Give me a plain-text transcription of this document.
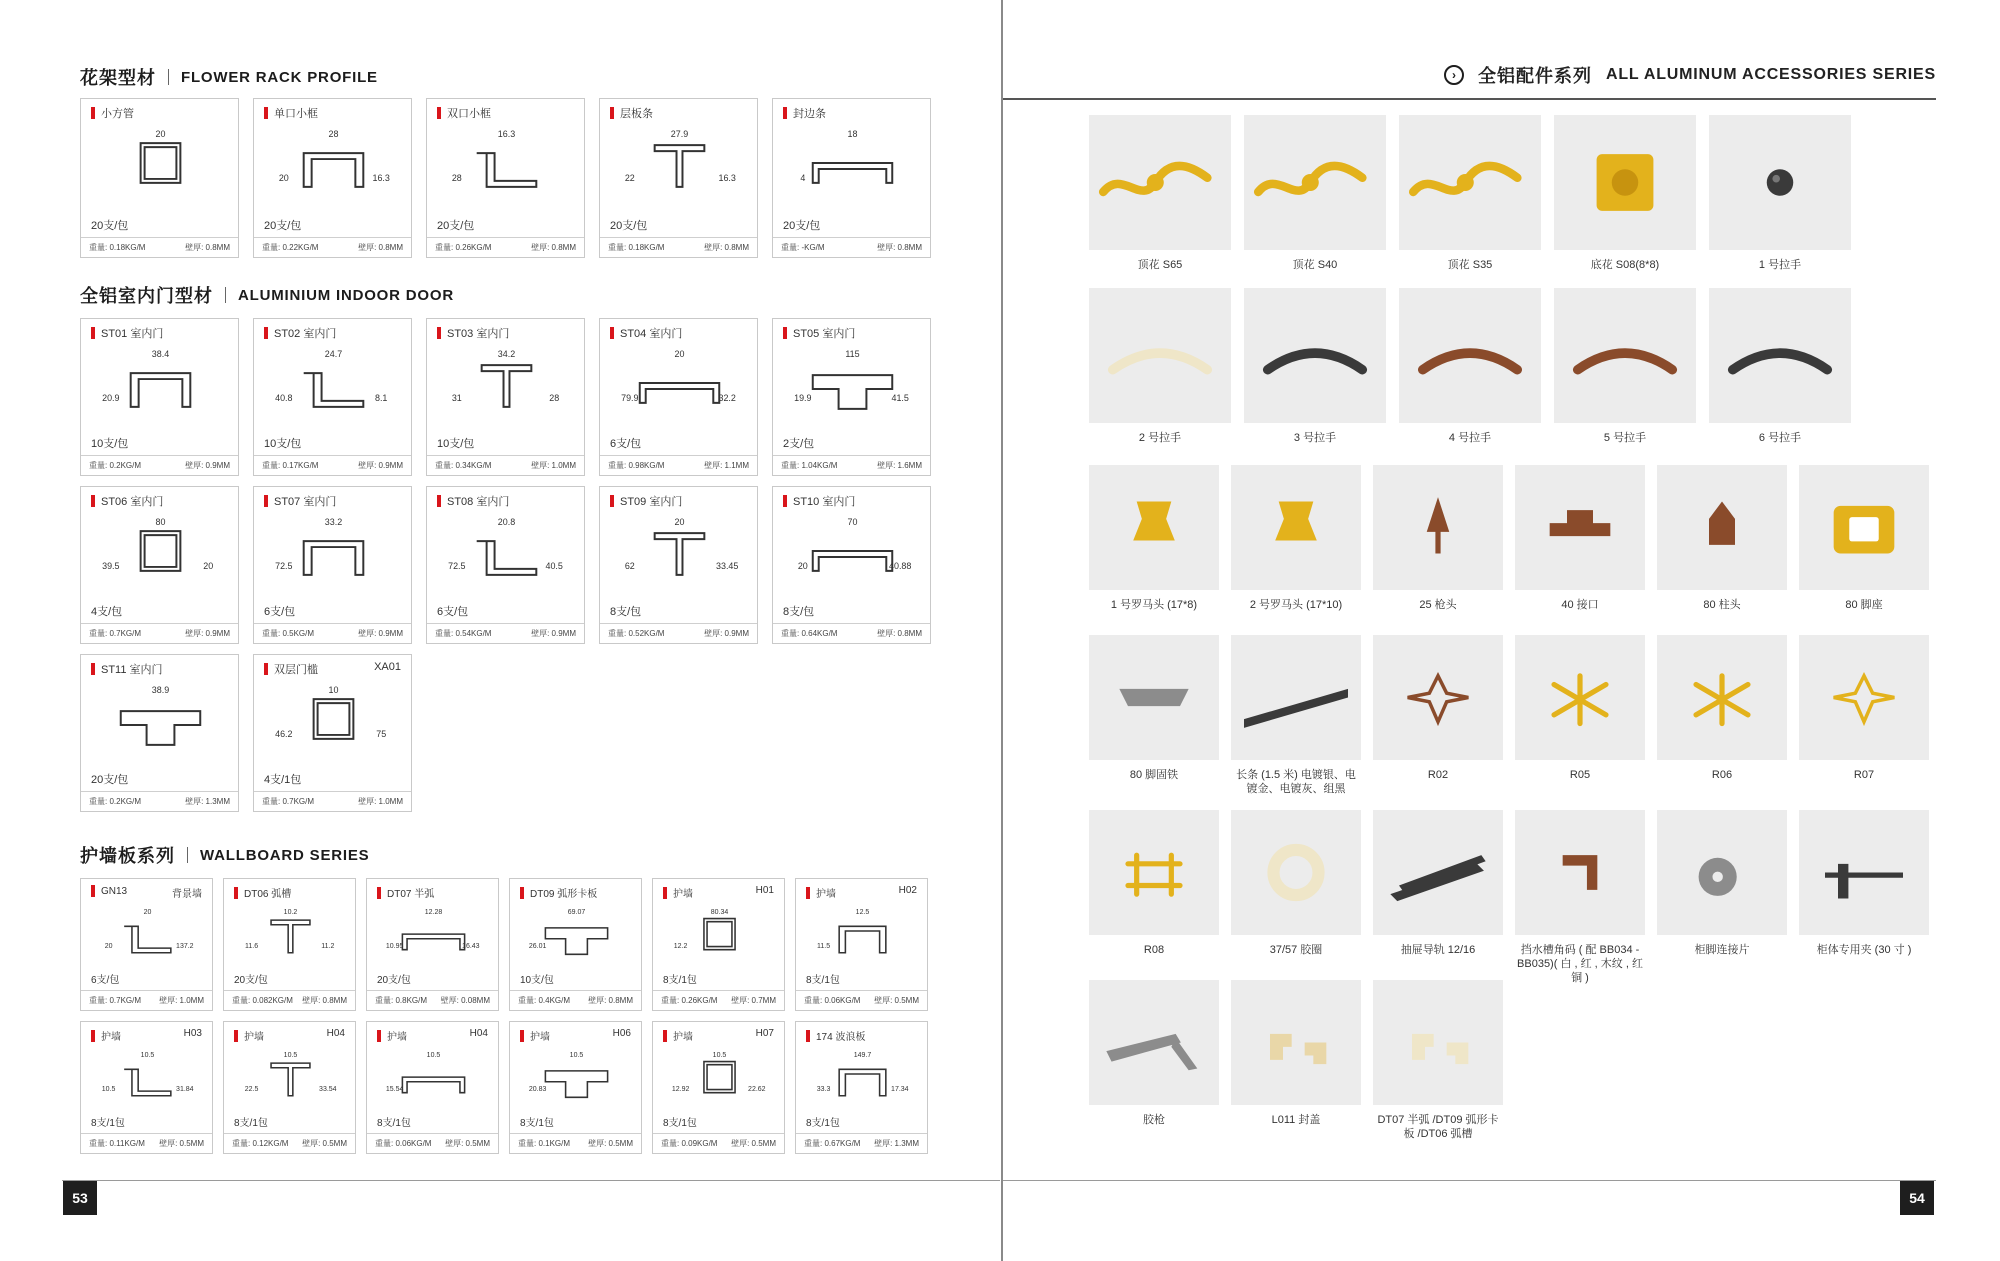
花架型材 FLOWER RACK PROFILE
小方管
20
20支/包
重量: 0.18KG/M	壁厚: 0.8MM
单口小框
28
20	16.3
20支/包
重量: 0.22KG/M	壁厚: 0.8MM
双口小框
16.3
28
20支/包
重量: 0.26KG/M	壁厚: 0.8MM
层板条
27.9
22	16.3
20支/包
重量: 0.18KG/M	壁厚: 0.8MM
封边条
18
4
20支/包
重量: -KG/M	壁厚: 0.8MM
全铝室内门型材 ALUMINIUM INDOOR DOOR
ST01 室内门
38.4
20.9
10支/包
重量: 0.2KG/M	壁厚: 0.9MM
ST02 室内门
24.7
40.8	8.1
10支/包
重量: 0.17KG/M	壁厚: 0.9MM
ST03 室内门
34.2
31	28
10支/包
重量: 0.34KG/M	壁厚: 1.0MM
ST04 室内门
20
79.9	32.2
6支/包
重量: 0.98KG/M	壁厚: 1.1MM
ST05 室内门
115
19.9	41.5
2支/包
重量: 1.04KG/M	壁厚: 1.6MM
ST06 室内门
80
39.5	20
4支/包
重量: 0.7KG/M	壁厚: 0.9MM
ST07 室内门
33.2
72.5
6支/包
重量: 0.5KG/M	壁厚: 0.9MM
ST08 室内门
20.8
72.5	40.5
6支/包
重量: 0.54KG/M	壁厚: 0.9MM
ST09 室内门
20
62	33.45
8支/包
重量: 0.52KG/M	壁厚: 0.9MM
ST10 室内门
70
20	40.88
8支/包
重量: 0.64KG/M	壁厚: 0.8MM
ST11 室内门
38.9
20支/包
重量: 0.2KG/M	壁厚: 1.3MM
双层门槛	XA01
10
46.2	75
4支/1包
重量: 0.7KG/M	壁厚: 1.0MM
护墙板系列 WALLBOARD SERIES
GN13	背景墙
20
20	137.2
6支/包
重量: 0.7KG/M 壁厚: 1.0MM
DT06 弧槽
10.2
11.6	11.2
20支/包
重量: 0.082KG/M 壁厚: 0.8MM
DT07 半弧
12.28
10.95	16.43
20支/包
重量: 0.8KG/M 壁厚: 0.08MM
DT09 弧形卡板
69.07
26.01
10支/包
重量: 0.4KG/M 壁厚: 0.8MM
护墙	H01
80.34
12.2
8支/1包
重量: 0.26KG/M 壁厚: 0.7MM
护墙	H02
12.5
11.5
8支/1包
重量: 0.06KG/M 壁厚: 0.5MM
护墙	H03
10.5
10.5	31.84
8支/1包
重量: 0.11KG/M 壁厚: 0.5MM
护墙	H04
10.5
22.5	33.54
8支/1包
重量: 0.12KG/M 壁厚: 0.5MM
护墙	H04
10.5
15.54
8支/1包
重量: 0.06KG/M 壁厚: 0.5MM
护墙	H06
10.5
20.83
8支/1包
重量: 0.1KG/M 壁厚: 0.5MM
护墙	H07
10.5
12.92	22.62
8支/1包
重量: 0.09KG/M 壁厚: 0.5MM
174 波浪板
149.7
33.3	17.34
8支/1包
重量: 0.67KG/M 壁厚: 1.3MM
53
›	全铝配件系列 ALL ALUMINUM ACCESSORIES SERIES
顶花 S65	顶花 S40	顶花 S35	底花 S08(8*8)	1 号拉手
2 号拉手	3 号拉手	4 号拉手	5 号拉手	6 号拉手
1 号罗马头 (17*8)	2 号罗马头 (17*10)	25 枪头	40 接口	80 柱头	80 脚座
80 脚固铁	长条 (1.5 米) 电镀银、电镀金、电镀灰、组黑
R02	R05	R06	R07
R08	37/57 胶圈	抽屉导轨 12/16	挡水槽角码 ( 配 BB034 - BB035)( 白 , 红 , 木纹 , 红铜 )
柜脚连接片	柜体专用夹 (30 寸 )
胶枪	L011 封盖	DT07 半弧 /DT09 弧形卡板 /DT06 弧槽
54
